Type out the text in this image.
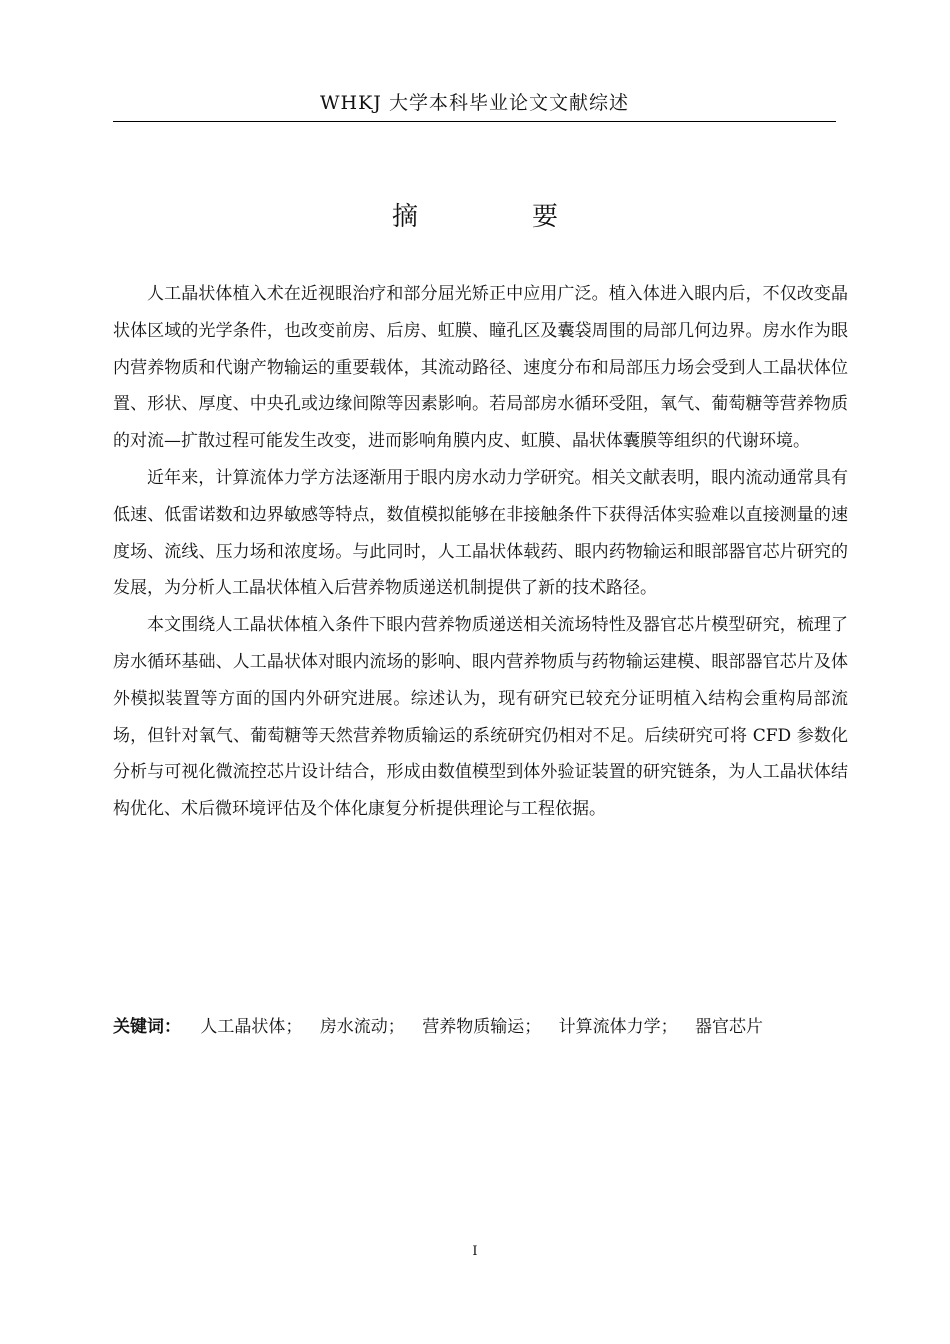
WHKJ 大学本科毕业论文文献综述
摘　要

人工晶状体植入术在近视眼治疗和部分屈光矫正中应用广泛。植入体进入眼内后，不仅改变晶状体区域的光学条件，也改变前房、后房、虹膜、瞳孔区及囊袋周围的局部几何边界。房水作为眼内营养物质和代谢产物输运的重要载体，其流动路径、速度分布和局部压力场会受到人工晶状体位置、形状、厚度、中央孔或边缘间隙等因素影响。若局部房水循环受阻，氧气、葡萄糖等营养物质的对流—扩散过程可能发生改变，进而影响角膜内皮、虹膜、晶状体囊膜等组织的代谢环境。

近年来，计算流体力学方法逐渐用于眼内房水动力学研究。相关文献表明，眼内流动通常具有低速、低雷诺数和边界敏感等特点，数值模拟能够在非接触条件下获得活体实验难以直接测量的速度场、流线、压力场和浓度场。与此同时，人工晶状体载药、眼内药物输运和眼部器官芯片研究的发展，为分析人工晶状体植入后营养物质递送机制提供了新的技术路径。

本文围绕人工晶状体植入条件下眼内营养物质递送相关流场特性及器官芯片模型研究，梳理了房水循环基础、人工晶状体对眼内流场的影响、眼内营养物质与药物输运建模、眼部器官芯片及体外模拟装置等方面的国内外研究进展。综述认为，现有研究已较充分证明植入结构会重构局部流场，但针对氧气、葡萄糖等天然营养物质输运的系统研究仍相对不足。后续研究可将 CFD 参数化分析与可视化微流控芯片设计结合，形成由数值模型到体外验证装置的研究链条，为人工晶状体结构优化、术后微环境评估及个体化康复分析提供理论与工程依据。

关键词： 人工晶状体； 房水流动； 营养物质输运； 计算流体力学； 器官芯片
I
